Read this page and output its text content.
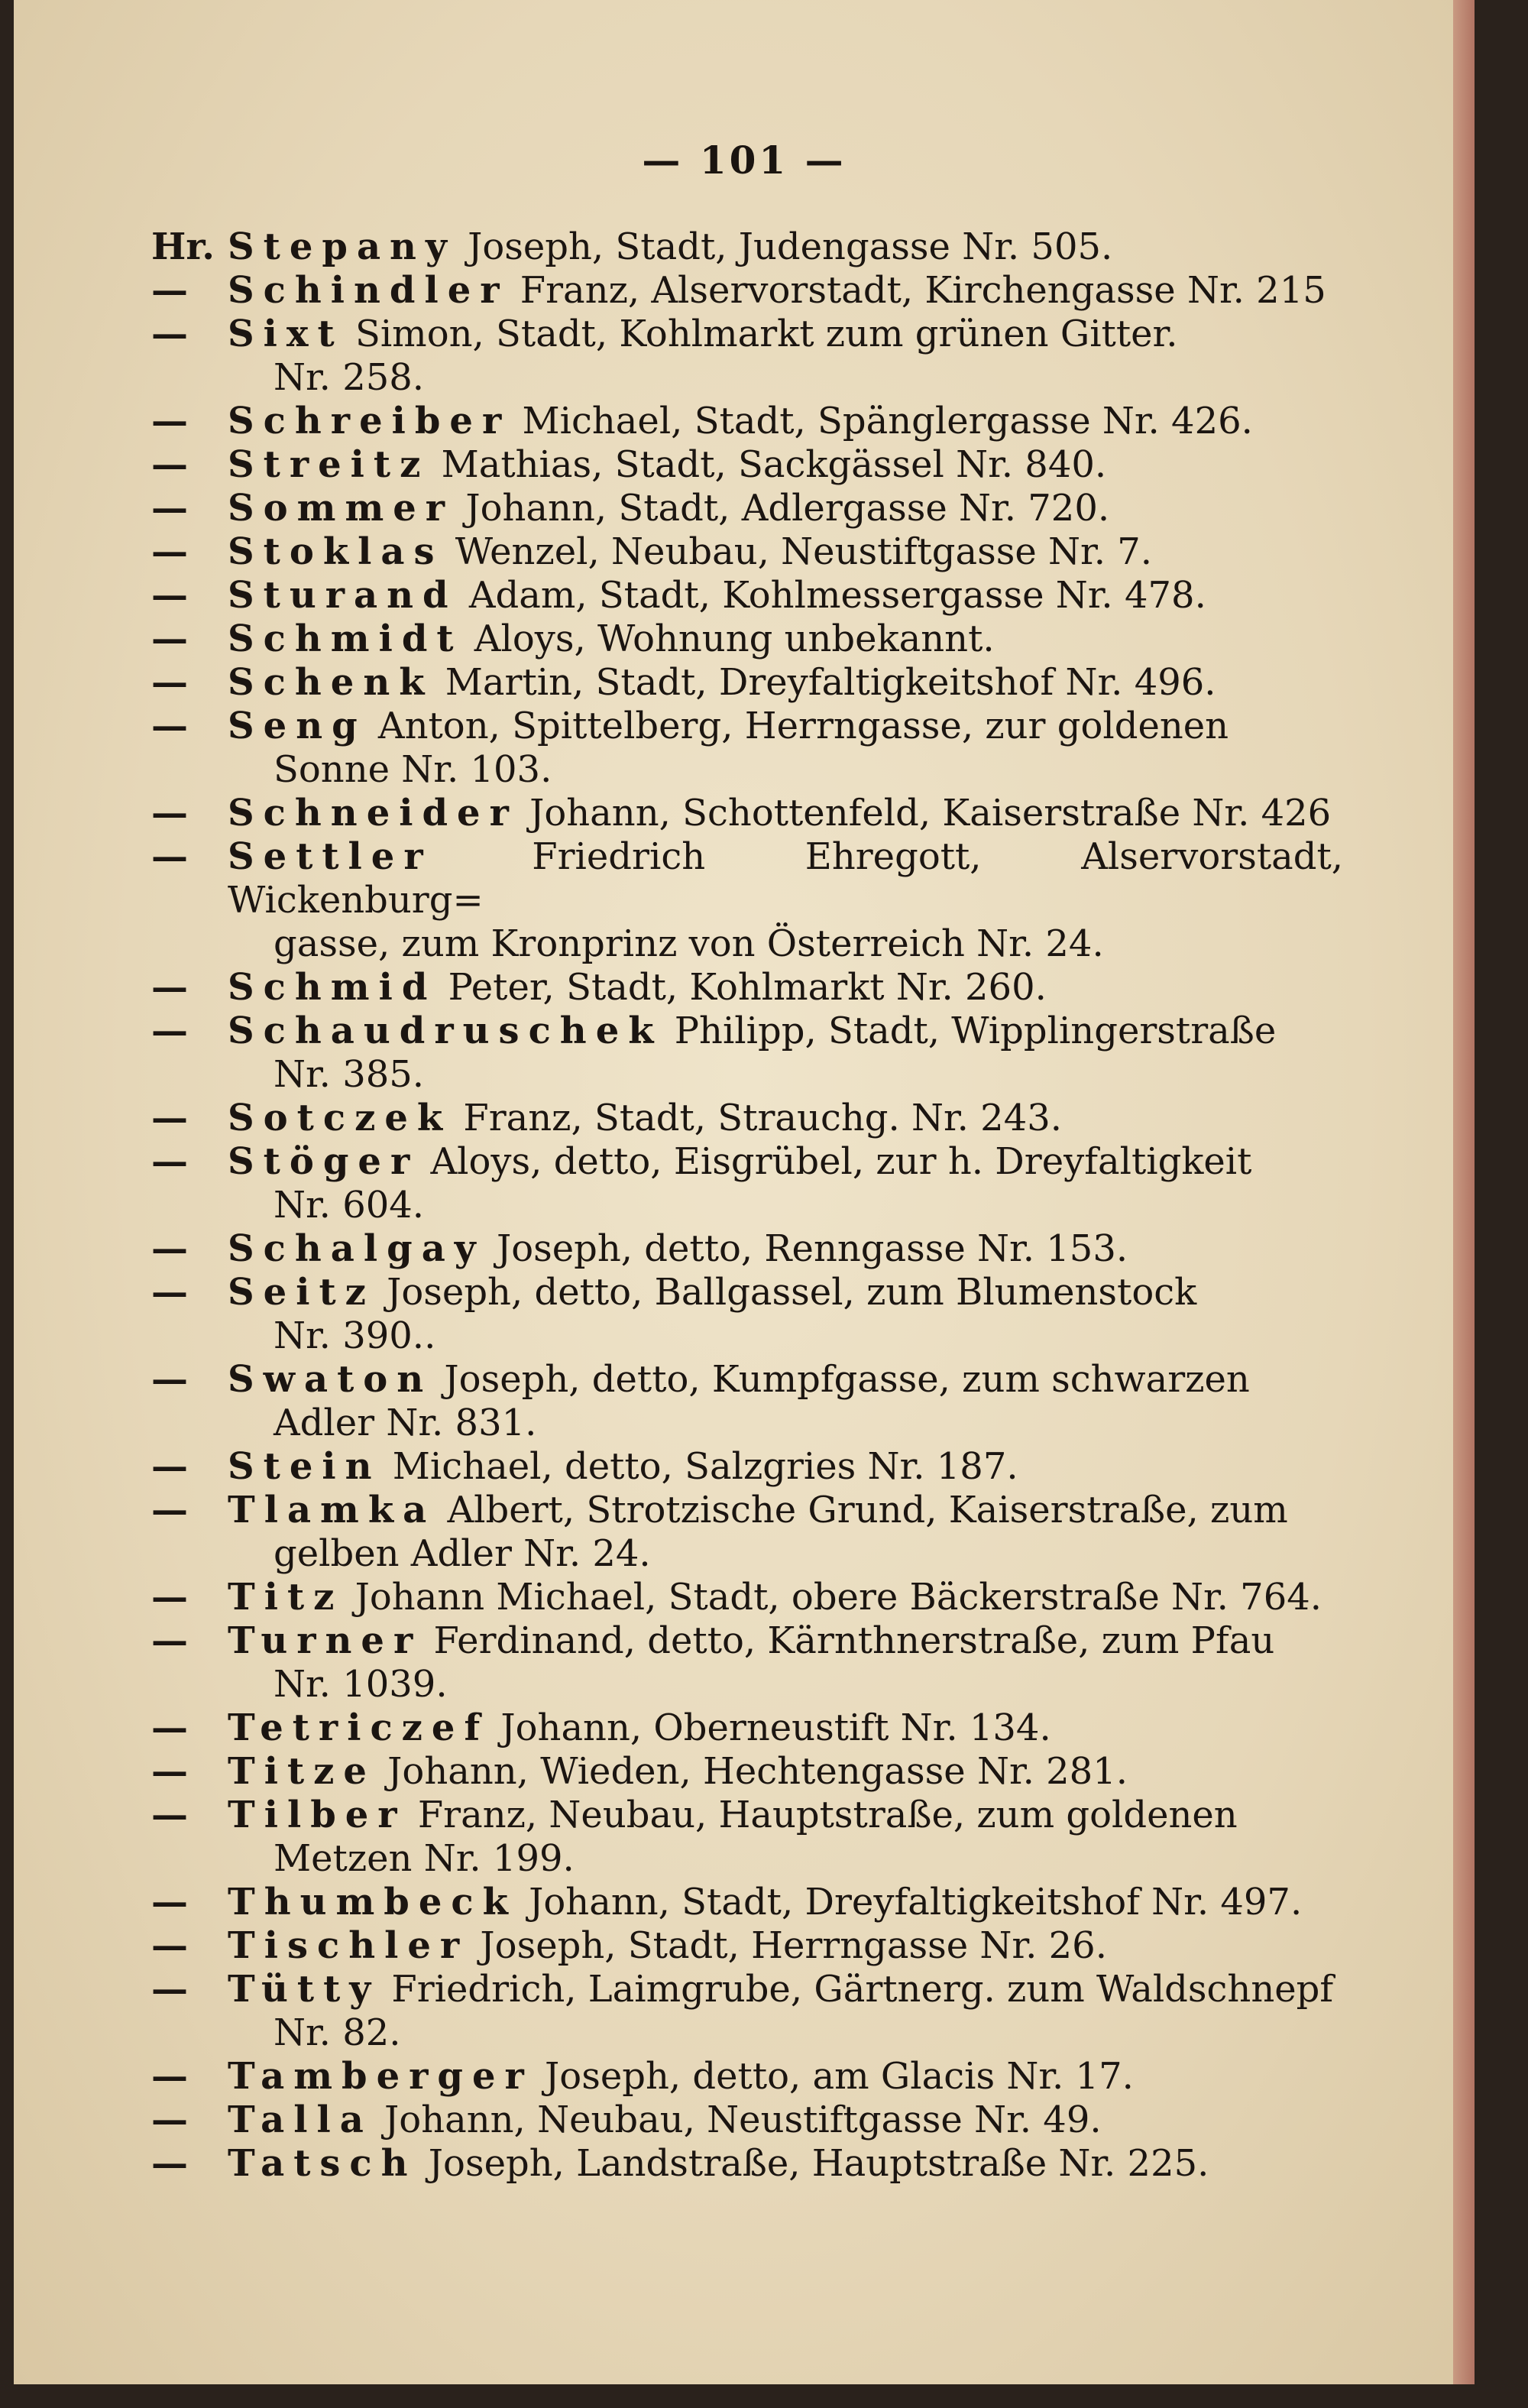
— 101 —
Hr. Stepany Joseph, Stadt, Judengasse Nr. 505.
—	Schindler Franz, Alservorstadt, Kirchengasse Nr. 215
—	Sixt Simon, Stadt, Kohlmarkt zum grünen Gitter.
Nr. 258.
—	Schreiber Michael, Stadt, Spänglergasse Nr. 426.
—	Streitz Mathias, Stadt, Sackgässel Nr. 840.
—	Sommer Johann, Stadt, Adlergasse Nr. 720.
—	Stoklas Wenzel, Neubau, Neustiftgasse Nr. 7.
—	Sturand Adam, Stadt, Kohlmessergasse Nr. 478.
—	Schmidt Aloys, Wohnung unbekannt.
—	Schenk Martin, Stadt, Dreyfaltigkeitshof Nr. 496.
—	Seng Anton, Spittelberg, Herrngasse, zur goldenen
Sonne Nr. 103.
—	Schneider Johann, Schottenfeld, Kaiserstraße Nr. 426
—	Settler Friedrich Ehregott, Alservorstadt, Wickenburg=
gasse, zum Kronprinz von Österreich Nr. 24.
—	Schmid Peter, Stadt, Kohlmarkt Nr. 260.
—	Schaudruschek Philipp, Stadt, Wipplingerstraße
Nr. 385.
—	Sotczek Franz, Stadt, Strauchg. Nr. 243.
—	Stöger Aloys, detto, Eisgrübel, zur h. Dreyfaltigkeit
Nr. 604.
—	Schalgay Joseph, detto, Renngasse Nr. 153.
—	Seitz Joseph, detto, Ballgassel, zum Blumenstock
Nr. 390..
—	Swaton Joseph, detto, Kumpfgasse, zum schwarzen
Adler Nr. 831.
—	Stein Michael, detto, Salzgries Nr. 187.
—	Tlamka Albert, Strotzische Grund, Kaiserstraße, zum
gelben Adler Nr. 24.
—	Titz Johann Michael, Stadt, obere Bäckerstraße Nr. 764.
—	Turner Ferdinand, detto, Kärnthnerstraße, zum Pfau
Nr. 1039.
—	Tetriczef Johann, Oberneustift Nr. 134.
—	Titze Johann, Wieden, Hechtengasse Nr. 281.
—	Tilber Franz, Neubau, Hauptstraße, zum goldenen
Metzen Nr. 199.
—	Thumbeck Johann, Stadt, Dreyfaltigkeitshof Nr. 497.
—	Tischler Joseph, Stadt, Herrngasse Nr. 26.
—	Tütty Friedrich, Laimgrube, Gärtnerg. zum Waldschnepf
Nr. 82.
—	Tamberger Joseph, detto, am Glacis Nr. 17.
—	Talla Johann, Neubau, Neustiftgasse Nr. 49.
—	Tatsch Joseph, Landstraße, Hauptstraße Nr. 225.
